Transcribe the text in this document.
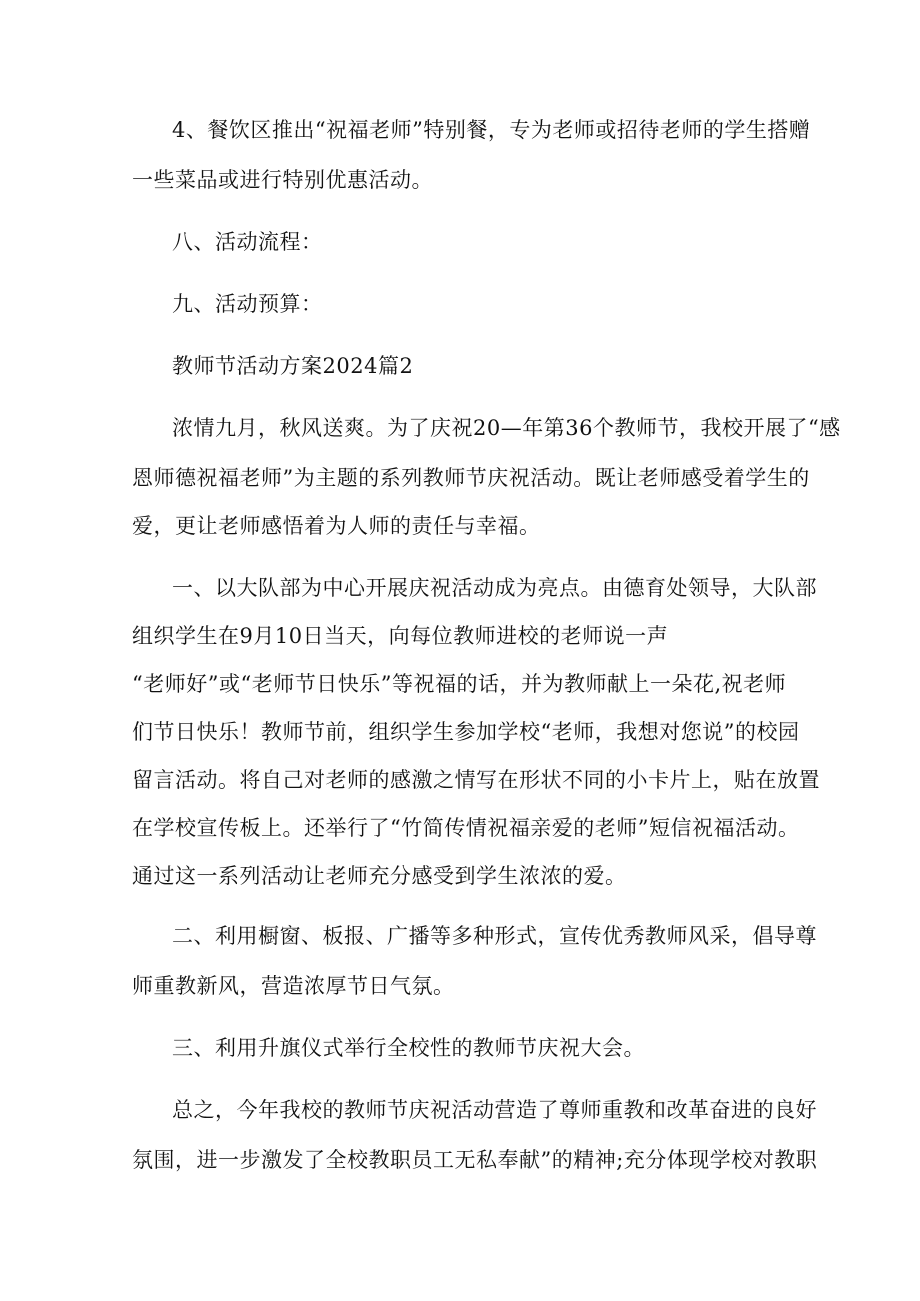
4、餐饮区推出“祝福老师”特别餐，专为老师或招待老师的学生搭赠

一些菜品或进行特别优惠活动。

八、活动流程：

九、活动预算：

教师节活动方案2024篇2

浓情九月，秋风送爽。为了庆祝20—年第36个教师节，我校开展了“感

恩师德祝福老师”为主题的系列教师节庆祝活动。既让老师感受着学生的

爱，更让老师感悟着为人师的责任与幸福。

一、以大队部为中心开展庆祝活动成为亮点。由德育处领导，大队部

组织学生在9月10日当天，向每位教师进校的老师说一声

“老师好”或“老师节日快乐”等祝福的话，并为教师献上一朵花,祝老师

们节日快乐！教师节前，组织学生参加学校“老师，我想对您说”的校园

留言活动。将自己对老师的感激之情写在形状不同的小卡片上，贴在放置

在学校宣传板上。还举行了“竹简传情祝福亲爱的老师”短信祝福活动。

通过这一系列活动让老师充分感受到学生浓浓的爱。

二、利用橱窗、板报、广播等多种形式，宣传优秀教师风采，倡导尊

师重教新风，营造浓厚节日气氛。

三、利用升旗仪式举行全校性的教师节庆祝大会。

总之，今年我校的教师节庆祝活动营造了尊师重教和改革奋进的良好

氛围，进一步激发了全校教职员工无私奉献”的精神;充分体现学校对教职
